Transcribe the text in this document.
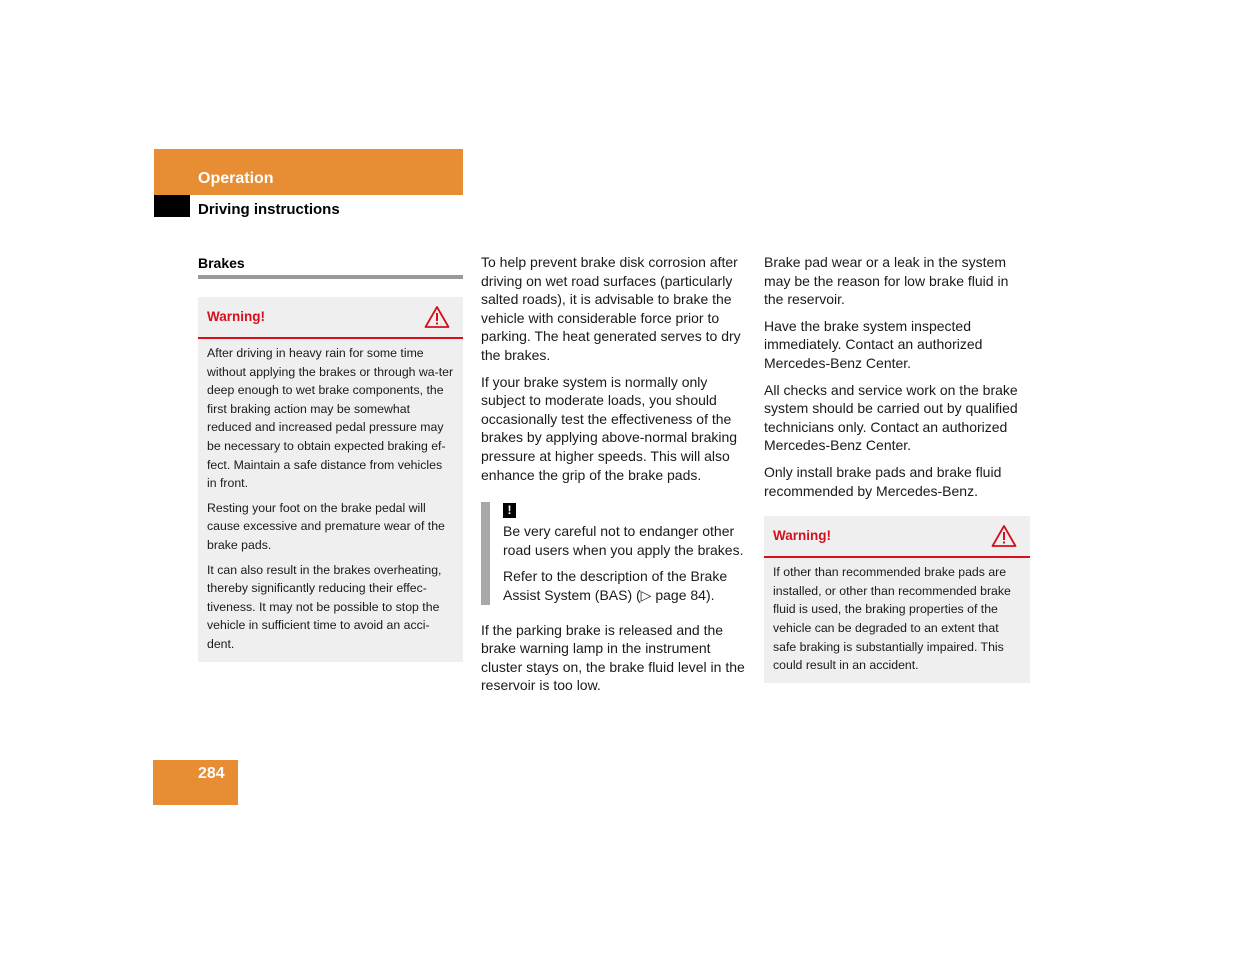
Operation
Driving instructions
Brakes
Warning!

After driving in heavy rain for some time without applying the brakes or through wa-ter deep enough to wet brake components, the first braking action may be somewhat reduced and increased pedal pressure may be necessary to obtain expected braking ef-fect. Maintain a safe distance from vehicles in front.

Resting your foot on the brake pedal will cause excessive and premature wear of the brake pads.

It can also result in the brakes overheating, thereby significantly reducing their effec-tiveness. It may not be possible to stop the vehicle in sufficient time to avoid an acci-dent.

To help prevent brake disk corrosion after driving on wet road surfaces (particularly salted roads), it is advisable to brake the vehicle with considerable force prior to parking. The heat generated serves to dry the brakes.

If your brake system is normally only subject to moderate loads, you should occasionally test the effectiveness of the brakes by applying above-normal braking pressure at higher speeds. This will also enhance the grip of the brake pads.

!

Be very careful not to endanger other road users when you apply the brakes.

Refer to the description of the Brake Assist System (BAS) (▷ page 84).

If the parking brake is released and the brake warning lamp in the instrument cluster stays on, the brake fluid level in the reservoir is too low.

Brake pad wear or a leak in the system may be the reason for low brake fluid in the reservoir.

Have the brake system inspected immediately. Contact an authorized Mercedes-Benz Center.

All checks and service work on the brake system should be carried out by qualified technicians only. Contact an authorized Mercedes-Benz Center.

Only install brake pads and brake fluid recommended by Mercedes-Benz.

Warning!

If other than recommended brake pads are installed, or other than recommended brake fluid is used, the braking properties of the vehicle can be degraded to an extent that safe braking is substantially impaired. This could result in an accident.

284
